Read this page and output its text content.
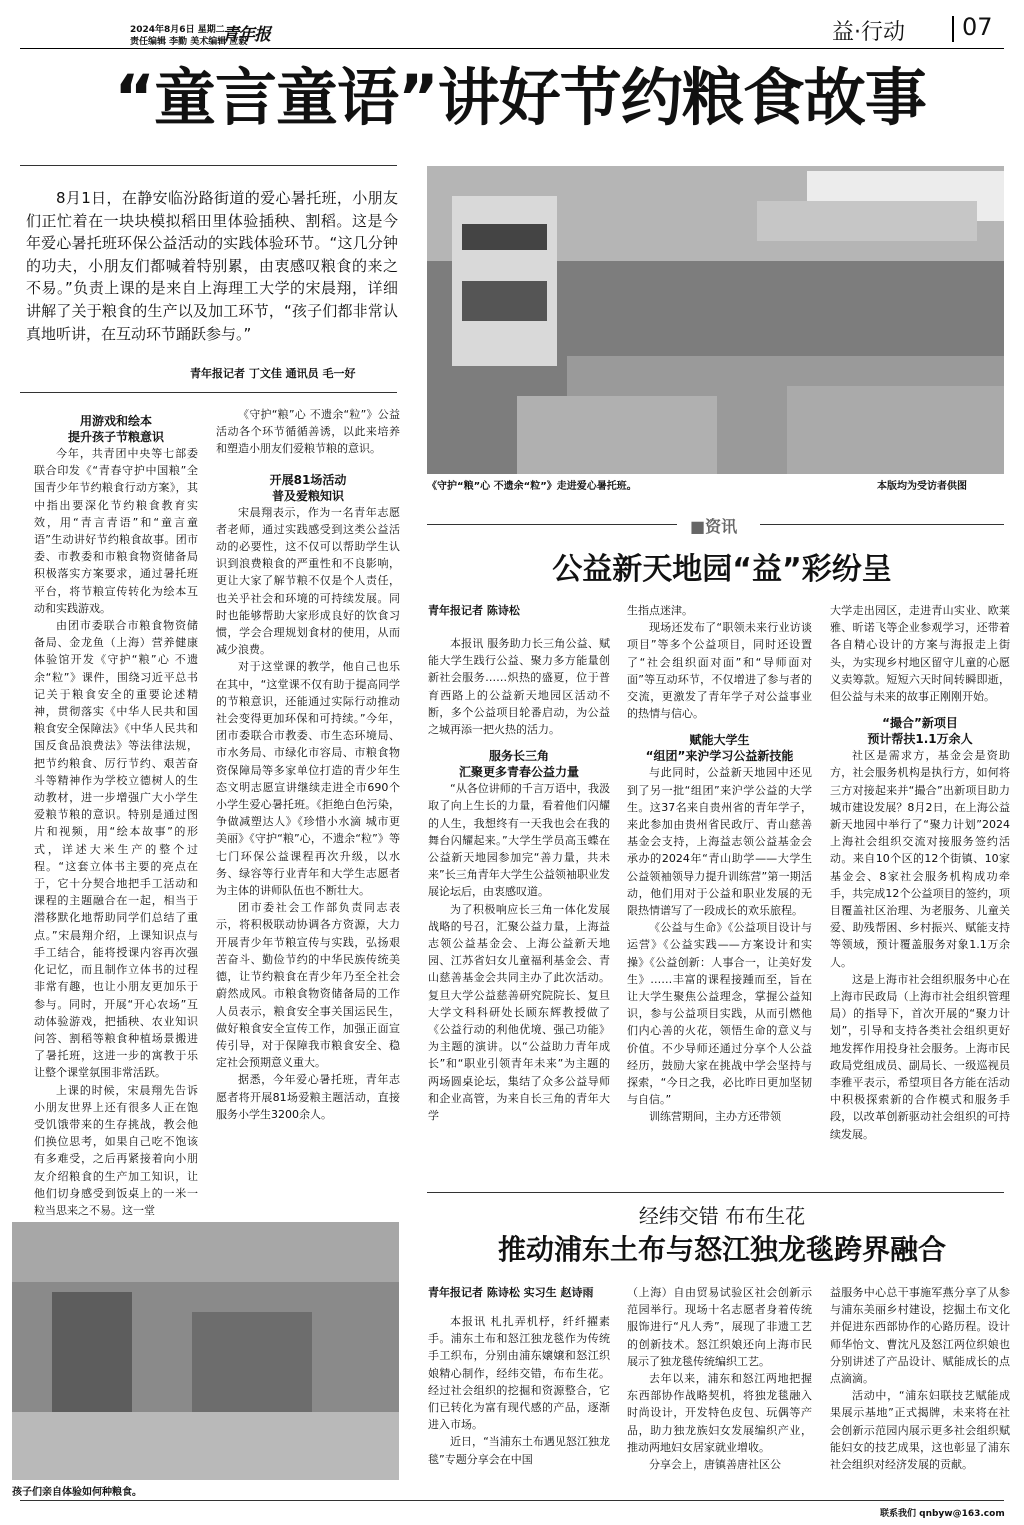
2024年8月6日 星期二
责任编辑 李勤 美术编辑 应毅
青年报	益·行动 07
“童言童语”讲好节约粮食故事
8月1日，在静安临汾路街道的爱心暑托班，小朋友们正忙着在一块块模拟稻田里体验插秧、割稻。这是今年爱心暑托班环保公益活动的实践体验环节。“这几分钟的功夫，小朋友们都喊着特别累，由衷感叹粮食的来之不易。”负责上课的是来自上海理工大学的宋晨翔，详细讲解了关于粮食的生产以及加工环节，“孩子们都非常认真地听讲，在互动环节踊跃参与。”
青年报记者 丁文佳 通讯员 毛一好
《守护“粮”心 不遗余“粒”》走进爱心暑托班。	本版均为受访者供图

用游戏和绘本
提升孩子节粮意识

今年，共青团中央等七部委联合印发《“青春守护中国粮”全国青少年节约粮食行动方案》，其中指出要深化节约粮食教育实效，用“青言青语”和“童言童语”生动讲好节约粮食故事。团市委、市教委和市粮食物资储备局积极落实方案要求，通过暑托班平台，将节粮宣传转化为绘本互动和实践游戏。

由团市委联合市粮食物资储备局、金龙鱼（上海）营养健康体验馆开发《守护“粮”心 不遗余“粒”》课件，围绕习近平总书记关于粮食安全的重要论述精神，贯彻落实《中华人民共和国粮食安全保障法》《中华人民共和国反食品浪费法》等法律法规，把节约粮食、厉行节约、艰苦奋斗等精神作为学校立德树人的生动教材，进一步增强广大小学生爱粮节粮的意识。特别是通过图片和视频，用“绘本故事”的形式，详述大米生产的整个过程。“这套立体书主要的亮点在于，它十分契合地把手工活动和课程的主题融合在一起，相当于潜移默化地帮助同学们总结了重点。”宋晨翔介绍，上课知识点与手工结合，能将授课内容再次强化记忆，而且制作立体书的过程非常有趣，也让小朋友更加乐于参与。同时，开展“开心农场”互动体验游戏，把插秧、农业知识问答、割稻等粮食种植场景搬进了暑托班，这进一步的寓教于乐让整个课堂氛围非常活跃。

上课的时候，宋晨翔先告诉小朋友世界上还有很多人正在饱受饥饿带来的生存挑战，教会他们换位思考，如果自己吃不饱该有多难受，之后再紧接着向小朋友介绍粮食的生产加工知识，让他们切身感受到饭桌上的一米一粒当思来之不易。这一堂

《守护“粮”心 不遗余“粒”》公益活动各个环节循循善诱，以此来培养和塑造小朋友们爱粮节粮的意识。

开展81场活动
普及爱粮知识

宋晨翔表示，作为一名青年志愿者老师，通过实践感受到这类公益活动的必要性，这不仅可以帮助学生认识到浪费粮食的严重性和不良影响，更让大家了解节粮不仅是个人责任，也关乎社会和环境的可持续发展。同时也能够帮助大家形成良好的饮食习惯，学会合理规划食材的使用，从而减少浪费。

对于这堂课的教学，他自己也乐在其中，“这堂课不仅有助于提高同学的节粮意识，还能通过实际行动推动社会变得更加环保和可持续。”今年，团市委联合市教委、市生态环境局、市水务局、市绿化市容局、市粮食物资保障局等多家单位打造的青少年生态文明志愿宣讲继续走进全市690个小学生爱心暑托班。《拒绝白色污染，争做减塑达人》《珍惜小水滴 城市更美丽》《守护“粮”心，不遗余“粒”》等七门环保公益课程再次升级，以水务、绿容等行业青年和大学生志愿者为主体的讲师队伍也不断壮大。

团市委社会工作部负责同志表示，将积极联动协调各方资源，大力开展青少年节粮宣传与实践，弘扬艰苦奋斗、勤俭节约的中华民族传统美德，让节约粮食在青少年乃至全社会蔚然成风。市粮食物资储备局的工作人员表示，粮食安全事关国运民生，做好粮食安全宣传工作，加强正面宣传引导，对于保障我市粮食安全、稳定社会预期意义重大。

据悉，今年爱心暑托班，青年志愿者将开展81场爱粮主题活动，直接服务小学生3200余人。

孩子们亲自体验如何种粮食。
■资讯
公益新天地园“益”彩纷呈
青年报记者 陈诗松

本报讯 服务助力长三角公益、赋能大学生践行公益、聚力多方能量创新社会服务……炽热的盛夏，位于普育西路上的公益新天地园区活动不断，多个公益项目轮番启动，为公益之城再添一把火热的活力。

服务长三角
汇聚更多青春公益力量

“从各位讲师的千言万语中，我汲取了向上生长的力量，看着他们闪耀的人生，我想终有一天我也会在我的舞台闪耀起来。”大学生学员高玉蝶在公益新天地园参加完“善力量，共未来”长三角青年大学生公益领袖职业发展论坛后，由衷感叹道。

为了积极响应长三角一体化发展战略的号召，汇聚公益力量，上海益志领公益基金会、上海公益新天地园、江苏省妇女儿童福利基金会、青山慈善基金会共同主办了此次活动。复旦大学公益慈善研究院院长、复旦大学文科科研处长顾东辉教授做了《公益行动的利他优境、强己功能》为主题的演讲。以“公益助力青年成长”和“职业引领青年未来”为主题的两场圆桌论坛，集结了众多公益导师和企业高管，为来自长三角的青年大学

生指点迷津。

现场还发布了“职领未来行业访谈项目”等多个公益项目，同时还设置了“社会组织面对面”和“导师面对面”等互动环节，不仅增进了参与者的交流，更激发了青年学子对公益事业的热情与信心。

赋能大学生
“组团”来沪学习公益新技能

与此同时，公益新天地园中还见到了另一批“组团”来沪学公益的大学生。这37名来自贵州省的青年学子，来此参加由贵州省民政厅、青山慈善基金会支持，上海益志领公益基金会承办的2024年“青山助学——大学生公益领袖领导力提升训练营”第一期活动，他们用对于公益和职业发展的无限热情谱写了一段成长的欢乐旅程。

《公益与生命》《公益项目设计与运营》《公益实践——方案设计和实操》《公益创新：人事合一，让美好发生》……丰富的课程接踵而至，旨在让大学生聚焦公益理念，掌握公益知识，参与公益项目实践，从而引燃他们内心善的火花，领悟生命的意义与价值。不少导师还通过分享个人公益经历，鼓励大家在挑战中学会坚持与探索，“今日之我，必比昨日更加坚韧与自信。”

训练营期间，主办方还带领

大学走出园区，走进青山实业、欧莱雅、昕诺飞等企业参观学习，还带着各自精心设计的方案与海报走上街头，为实现乡村地区留守儿童的心愿义卖筹款。短短六天时间转瞬即逝，但公益与未来的故事正刚刚开始。

“撮合”新项目
预计帮扶1.1万余人

社区是需求方，基金会是资助方，社会服务机构是执行方，如何将三方对接起来并“撮合”出新项目助力城市建设发展？8月2日，在上海公益新天地园中举行了“聚力计划”2024上海社会组织交流对接服务签约活动。来自10个区的12个街镇、10家基金会、8家社会服务机构成功牵手，共完成12个公益项目的签约，项目覆盖社区治理、为老服务、儿童关爱、助残帮困、乡村振兴、赋能支持等领域，预计覆盖服务对象1.1万余人。

这是上海市社会组织服务中心在上海市民政局（上海市社会组织管理局）的指导下，首次开展的“聚力计划”，引导和支持各类社会组织更好地发挥作用投身社会服务。上海市民政局党组成员、副局长、一级巡视员李雅平表示，希望项目各方能在活动中积极探索新的合作模式和服务手段，以改革创新驱动社会组织的可持续发展。

经纬交错 布布生花
推动浦东土布与怒江独龙毯跨界融合
青年报记者 陈诗松 实习生 赵诗雨

本报讯 札扎弄机杼，纤纤擢素手。浦东土布和怒江独龙毯作为传统手工织布，分别由浦东嬢嬢和怒江织娘精心制作，经纬交错，布布生花。经过社会组织的挖掘和资源整合，它们已转化为富有现代感的产品，逐渐进入市场。

近日，“当浦东土布遇见怒江独龙毯”专题分享会在中国

（上海）自由贸易试验区社会创新示范园举行。现场十名志愿者身着传统服饰进行“凡人秀”，展现了非遗工艺的创新技术。怒江织娘还向上海市民展示了独龙毯传统编织工艺。

去年以来，浦东和怒江两地把握东西部协作战略契机，将独龙毯融入时尚设计，开发特色皮包、玩偶等产品，助力独龙族妇女发展编织产业，推动两地妇女居家就业增收。

分享会上，唐镇善唐社区公

益服务中心总干事施军燕分享了从参与浦东美丽乡村建设，挖掘土布文化并促进东西部协作的心路历程。设计师华怡文、曹沈凡及怒江两位织娘也分别讲述了产品设计、赋能成长的点点滴滴。

活动中，“浦东妇联技艺赋能成果展示基地”正式揭牌，未来将在社会创新示范园内展示更多社会组织赋能妇女的技艺成果，这也彰显了浦东社会组织对经济发展的贡献。

联系我们 qnbyw@163.com
